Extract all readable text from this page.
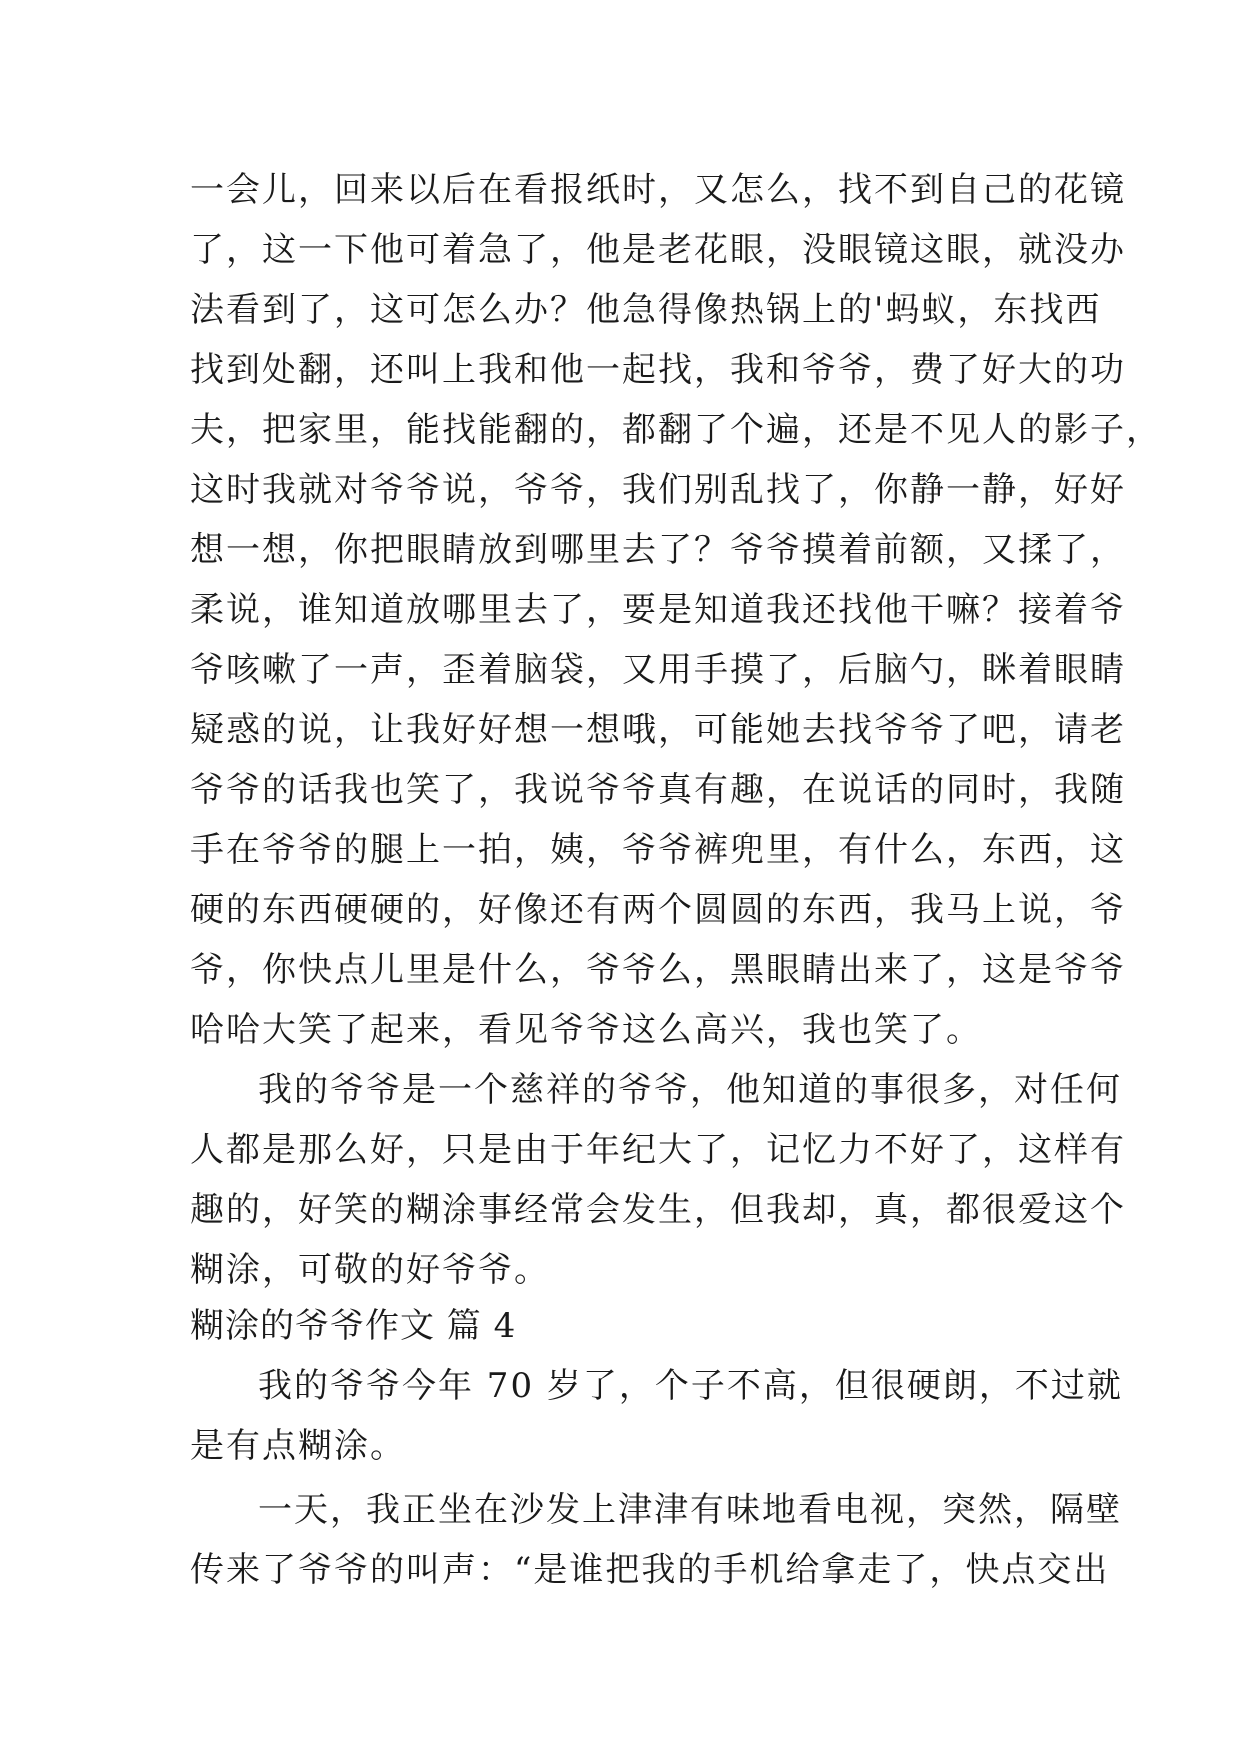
一会儿，回来以后在看报纸时，又怎么，找不到自己的花镜
了，这一下他可着急了，他是老花眼，没眼镜这眼，就没办
法看到了，这可怎么办？他急得像热锅上的'蚂蚁，东找西
找到处翻，还叫上我和他一起找，我和爷爷，费了好大的功
夫，把家里，能找能翻的，都翻了个遍，还是不见人的影子，
这时我就对爷爷说，爷爷，我们别乱找了，你静一静，好好
想一想，你把眼睛放到哪里去了？爷爷摸着前额，又揉了，
柔说，谁知道放哪里去了，要是知道我还找他干嘛？接着爷
爷咳嗽了一声，歪着脑袋，又用手摸了，后脑勺，眯着眼睛
疑惑的说，让我好好想一想哦，可能她去找爷爷了吧，请老
爷爷的话我也笑了，我说爷爷真有趣，在说话的同时，我随
手在爷爷的腿上一拍，姨，爷爷裤兜里，有什么，东西，这
硬的东西硬硬的，好像还有两个圆圆的东西，我马上说，爷
爷，你快点儿里是什么，爷爷么，黑眼睛出来了，这是爷爷
哈哈大笑了起来，看见爷爷这么高兴，我也笑了。
我的爷爷是一个慈祥的爷爷，他知道的事很多，对任何
人都是那么好，只是由于年纪大了，记忆力不好了，这样有
趣的，好笑的糊涂事经常会发生，但我却，真，都很爱这个
糊涂，可敬的好爷爷。
糊涂的爷爷作文 篇 4
我的爷爷今年 70 岁了，个子不高，但很硬朗，不过就
是有点糊涂。
一天，我正坐在沙发上津津有味地看电视，突然，隔壁
传来了爷爷的叫声：“是谁把我的手机给拿走了，快点交出
